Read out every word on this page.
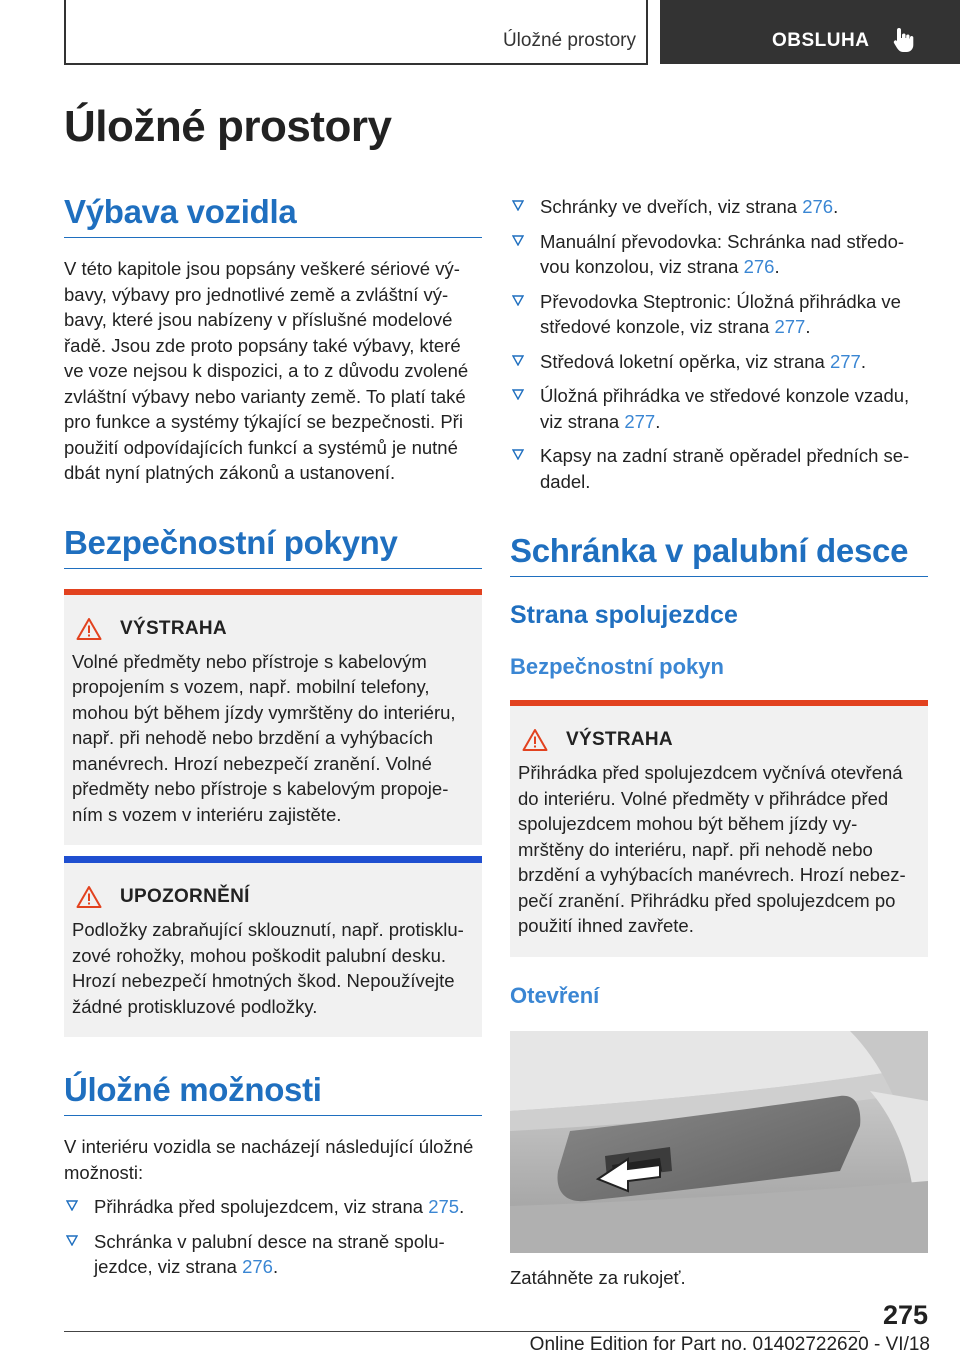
Úložné prostory	OBSLUHA
Úložné prostory
Výbava vozidla
V této kapitole jsou popsány veškeré sériové vý- bavy, výbavy pro jednotlivé země a zvláštní vý- bavy, které jsou nabízeny v příslušné modelové řadě. Jsou zde proto popsány také výbavy, které ve voze nejsou k dispozici, a to z důvodu zvolené zvláštní výbavy nebo varianty země. To platí také pro funkce a systémy týkající se bezpečnosti. Při použití odpovídajících funkcí a systémů je nutné dbát nyní platných zákonů a ustanovení.
Bezpečnostní pokyny
VÝSTRAHA
Volné předměty nebo přístroje s kabelovým propojením s vozem, např. mobilní telefony, mohou být během jízdy vymrštěny do interiéru, např. při nehodě nebo brzdění a vyhýbacích manévrech. Hrozí nebezpečí zranění. Volné předměty nebo přístroje s kabelovým propoje- ním s vozem v interiéru zajistěte.
UPOZORNĚNÍ
Podložky zabraňující sklouznutí, např. protisklu- zové rohožky, mohou poškodit palubní desku. Hrozí nebezpečí hmotných škod. Nepoužívejte žádné protiskluzové podložky.
Úložné možnosti
V interiéru vozidla se nacházejí následující úložné možnosti:
Přihrádka před spolujezdcem, viz strana 275.
Schránka v palubní desce na straně spolu- jezdce, viz strana 276.
Schránky ve dveřích, viz strana 276.
Manuální převodovka: Schránka nad středo- vou konzolou, viz strana 276.
Převodovka Steptronic: Úložná přihrádka ve středové konzole, viz strana 277.
Středová loketní opěrka, viz strana 277.
Úložná přihrádka ve středové konzole vzadu, viz strana 277.
Kapsy na zadní straně opěradel předních se- dadel.
Schránka v palubní desce
Strana spolujezdce
Bezpečnostní pokyn
VÝSTRAHA
Přihrádka před spolujezdcem vyčnívá otevřená do interiéru. Volné předměty v přihrádce před spolujezdcem mohou být během jízdy vy- mrštěny do interiéru, např. při nehodě nebo brzdění a vyhýbacích manévrech. Hrozí nebez- pečí zranění. Přihrádku před spolujezdcem po použití ihned zavřete.
Otevření
Zatáhněte za rukojeť.
275
Online Edition for Part no. 01402722620 - VI/18
